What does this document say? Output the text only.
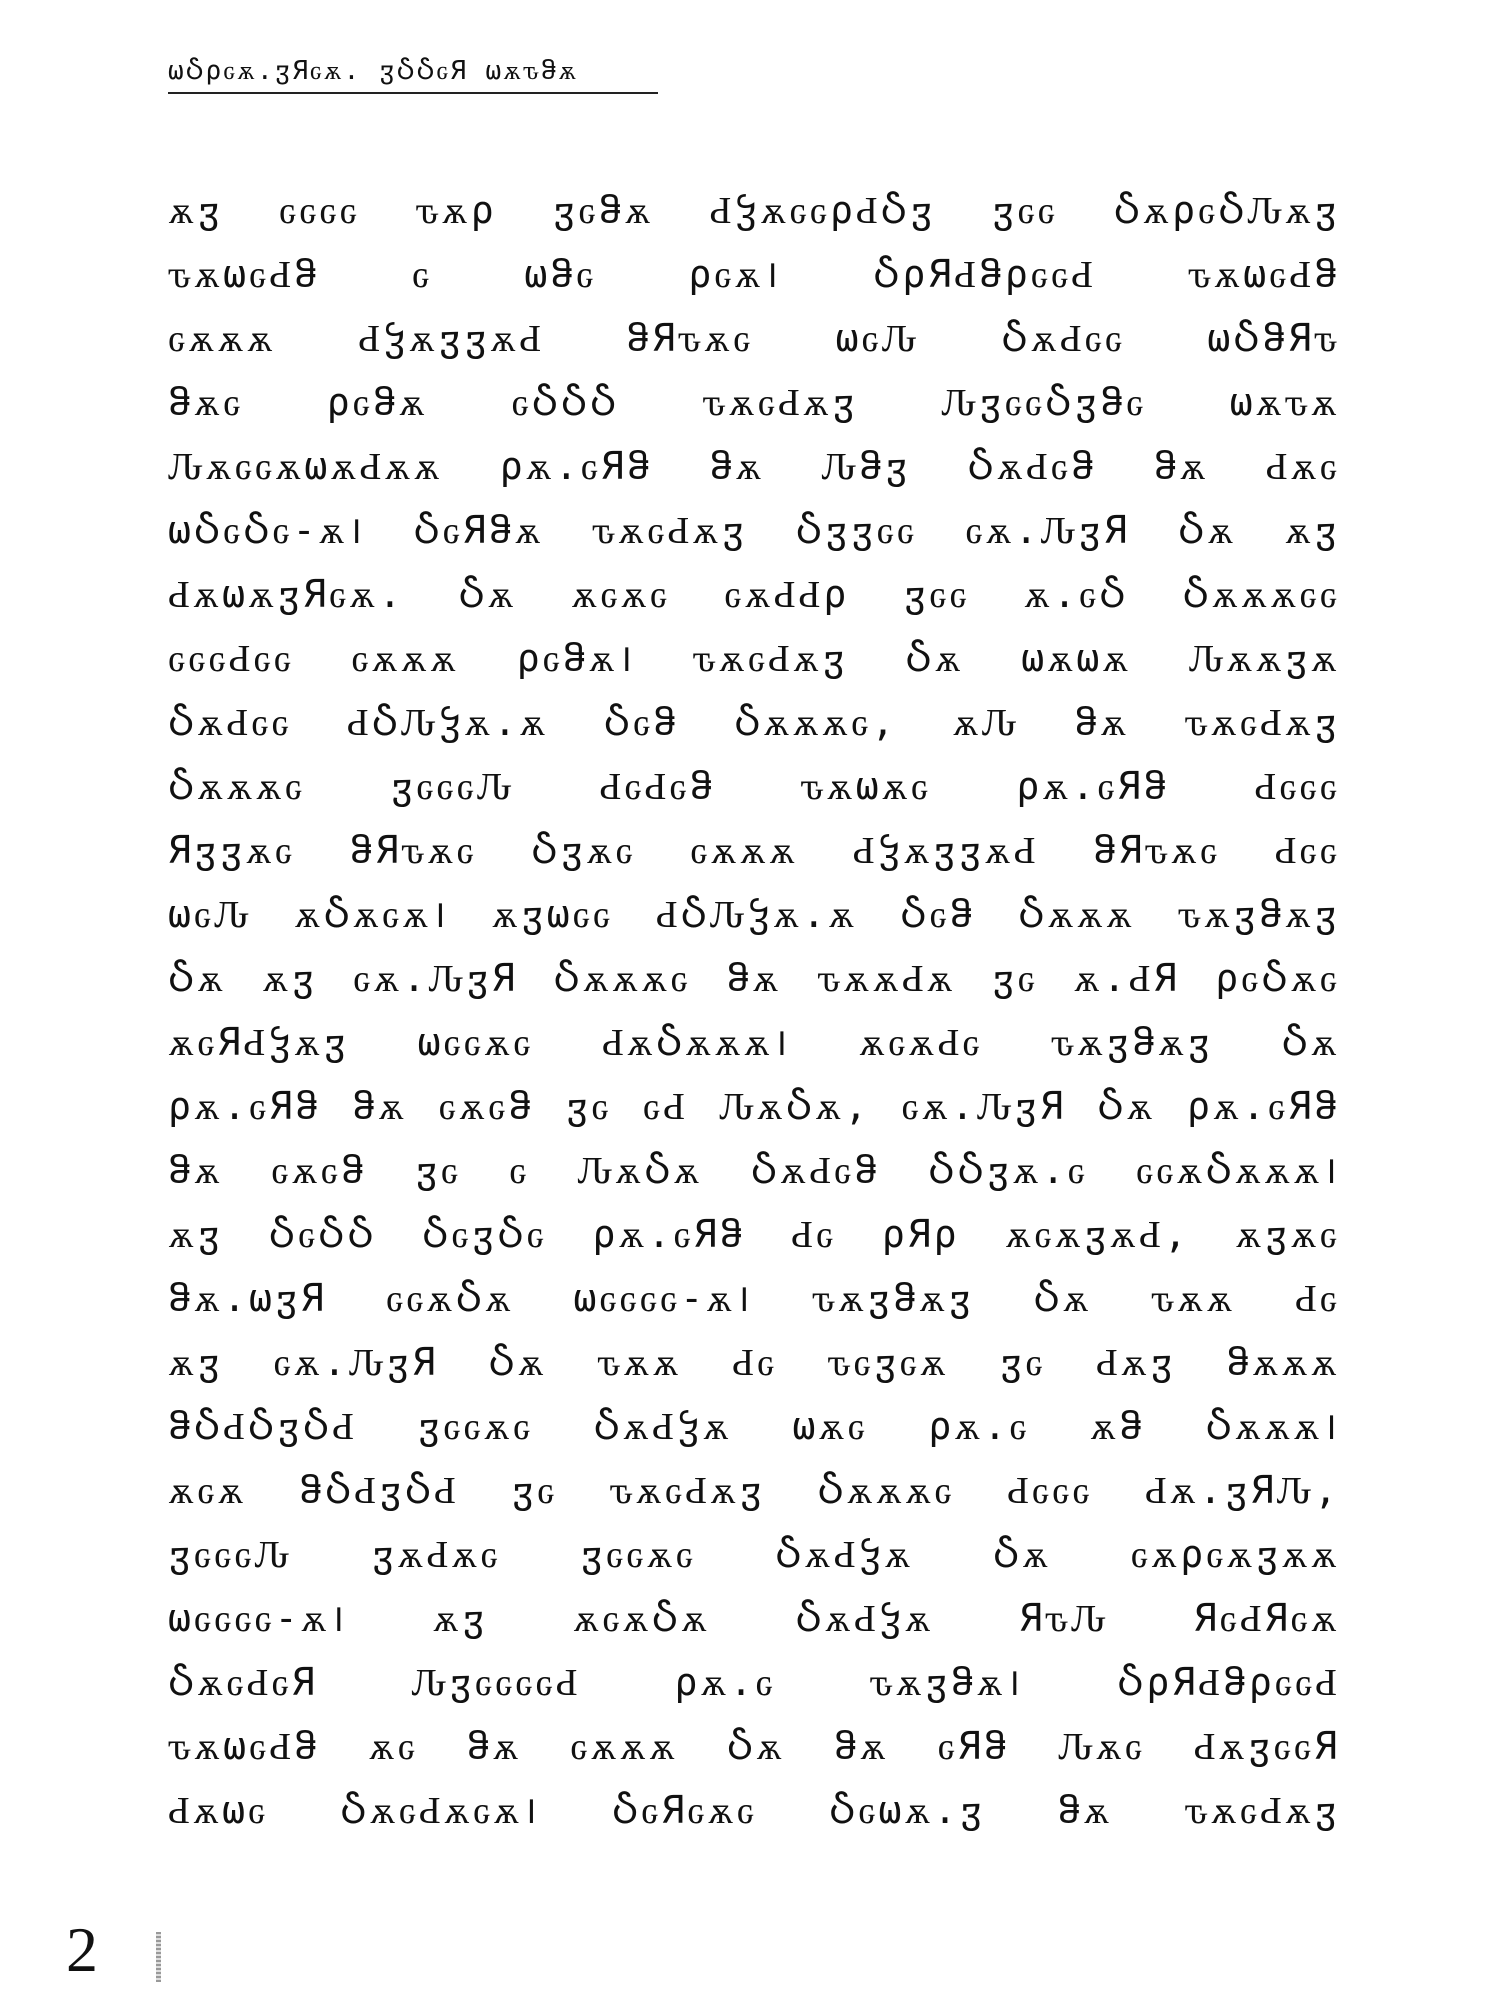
ωჂρԍѫ.ჳЯԍѫ. ჳჂჂԍЯ ωѫԏჵѫ
ѫჳ ԍԍԍԍ ԏѫρ ჳԍჵѫ ԀჴѫԍԍρԀჂჳ ჳԍԍ ჂѫρԍჂԈѫჳ
ԏѫωԍԀჵ ԍ ωჵԍ ρԍѫ। ჂρЯԀჵρԍԍԀ ԏѫωԍԀჵ
ԍѫѫѫ ԀჴѫჳჳѫԀ ჵЯԏѫԍ ωԍԈ ჂѫԀԍԍ ωჂჵЯԏ
ჵѫԍ ρԍჵѫ ԍჂჂჂ ԏѫԍԀѫჳ ԈჳԍԍჂჳჵԍ ωѫԏѫ
ԈѫԍԍѫωѫԀѫѫ ρѫ.ԍЯჵ ჵѫ Ԉჵჳ ჂѫԀԍჵ ჵѫ Ԁѫԍ
ωჂԍჂԍ-ѫ। ჂԍЯჵѫ ԏѫԍԀѫჳ Ⴢჳჳԍԍ ԍѫ.ԈჳЯ Ⴢѫ ѫჳ
ԀѫωѫჳЯԍѫ. Ⴢѫ ѫԍѫԍ ԍѫԀԀρ ჳԍԍ ѫ.ԍჂ Ⴢѫѫѫԍԍ
ԍԍԍԀԍԍ ԍѫѫѫ ρԍჵѫ। ԏѫԍԀѫჳ Ⴢѫ ωѫωѫ Ԉѫѫჳѫ
ჂѫԀԍԍ ԀჂԈჴѫ.ѫ Ⴢԍჵ Ⴢѫѫѫԍ, ѫԈ ჵѫ ԏѫԍԀѫჳ
Ⴢѫѫѫԍ ჳԍԍԍԈ ԀԍԀԍჵ ԏѫωѫԍ ρѫ.ԍЯჵ Ԁԍԍԍ
Яჳჳѫԍ ჵЯԏѫԍ Ⴢჳѫԍ ԍѫѫѫ ԀჴѫჳჳѫԀ ჵЯԏѫԍ Ԁԍԍ
ωԍԈ ѫჂѫԍѫ। ѫჳωԍԍ ԀჂԈჴѫ.ѫ Ⴢԍჵ Ⴢѫѫѫ ԏѫჳჵѫჳ
Ⴢѫ ѫჳ ԍѫ.ԈჳЯ Ⴢѫѫѫԍ ჵѫ ԏѫѫԀѫ ჳԍ ѫ.ԀЯ ρԍჂѫԍ
ѫԍЯԀჴѫჳ ωԍԍѫԍ ԀѫჂѫѫѫ। ѫԍѫԀԍ ԏѫჳჵѫჳ Ⴢѫ
ρѫ.ԍЯჵ ჵѫ ԍѫԍჵ ჳԍ ԍԀ ԈѫჂѫ, ԍѫ.ԈჳЯ Ⴢѫ ρѫ.ԍЯჵ
ჵѫ ԍѫԍჵ ჳԍ ԍ ԈѫჂѫ ჂѫԀԍჵ ჂჂჳѫ.ԍ ԍԍѫჂѫѫѫ।
ѫჳ ჂԍჂჂ ჂԍჳჂԍ ρѫ.ԍЯჵ Ԁԍ ρЯρ ѫԍѫჳѫԀ, ѫჳѫԍ
ჵѫ.ωჳЯ ԍԍѫჂѫ ωԍԍԍԍ-ѫ। ԏѫჳჵѫჳ Ⴢѫ ԏѫѫ Ԁԍ
ѫჳ ԍѫ.ԈჳЯ Ⴢѫ ԏѫѫ Ԁԍ ԏԍჳԍѫ ჳԍ Ԁѫჳ ჵѫѫѫ
ჵჂԀჂჳჂԀ ჳԍԍѫԍ ჂѫԀჴѫ ωѫԍ ρѫ.ԍ ѫჵ Ⴢѫѫѫ।
ѫԍѫ ჵჂԀჳჂԀ ჳԍ ԏѫԍԀѫჳ Ⴢѫѫѫԍ Ԁԍԍԍ Ԁѫ.ჳЯԈ,
ჳԍԍԍԈ ჳѫԀѫԍ ჳԍԍѫԍ ჂѫԀჴѫ Ⴢѫ ԍѫρԍѫჳѫѫ
ωԍԍԍԍ-ѫ। ѫჳ ѫԍѫჂѫ ჂѫԀჴѫ ЯԏԈ ЯԍԀЯԍѫ
ჂѫԍԀԍЯ ԈჳԍԍԍԍԀ ρѫ.ԍ ԏѫჳჵѫ। ჂρЯԀჵρԍԍԀ
ԏѫωԍԀჵ ѫԍ ჵѫ ԍѫѫѫ Ⴢѫ ჵѫ ԍЯჵ Ԉѫԍ ԀѫჳԍԍЯ
Ԁѫωԍ ჂѫԍԀѫԍѫ। ჂԍЯԍѫԍ Ⴢԍωѫ.ჳ ჵѫ ԏѫԍԀѫჳ
2
